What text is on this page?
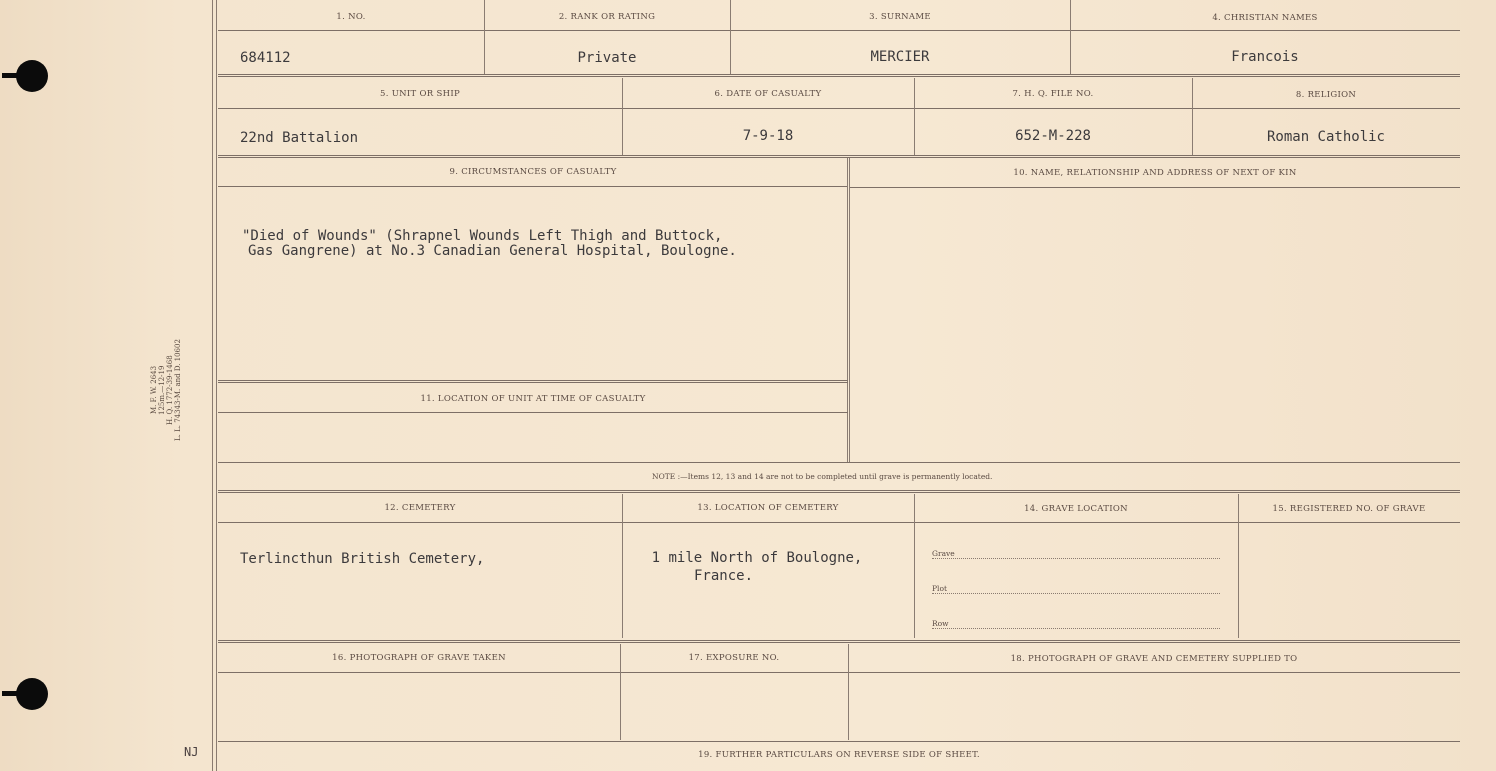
M. F. W. 2643 125m.—12-19 H. Q. 1772-39-1468 L. L. 74343-M. and D. 10602
NJ
1. NO.	2. RANK OR RATING	3. SURNAME	4. CHRISTIAN NAMES
684112	Private	MERCIER	Francois
5. UNIT OR SHIP	6. DATE OF CASUALTY	7. H. Q. FILE NO.	8. RELIGION
22nd Battalion	7-9-18	652-M-228	Roman Catholic
9. CIRCUMSTANCES OF CASUALTY	10. NAME, RELATIONSHIP AND ADDRESS OF NEXT OF KIN
"Died of Wounds" (Shrapnel Wounds Left Thigh and Buttock,
Gas Gangrene) at No.3 Canadian General Hospital, Boulogne.
11. LOCATION OF UNIT AT TIME OF CASUALTY
NOTE :—Items 12, 13 and 14 are not to be completed until grave is permanently located.
12. CEMETERY	13. LOCATION OF CEMETERY	14. GRAVE LOCATION	15. REGISTERED NO. OF GRAVE
Terlincthun British Cemetery,	1 mile North of Boulogne,
France.
Grave
Plot
Row
16. PHOTOGRAPH OF GRAVE TAKEN	17. EXPOSURE NO.	18. PHOTOGRAPH OF GRAVE AND CEMETERY SUPPLIED TO
19. FURTHER PARTICULARS ON REVERSE SIDE OF SHEET.
